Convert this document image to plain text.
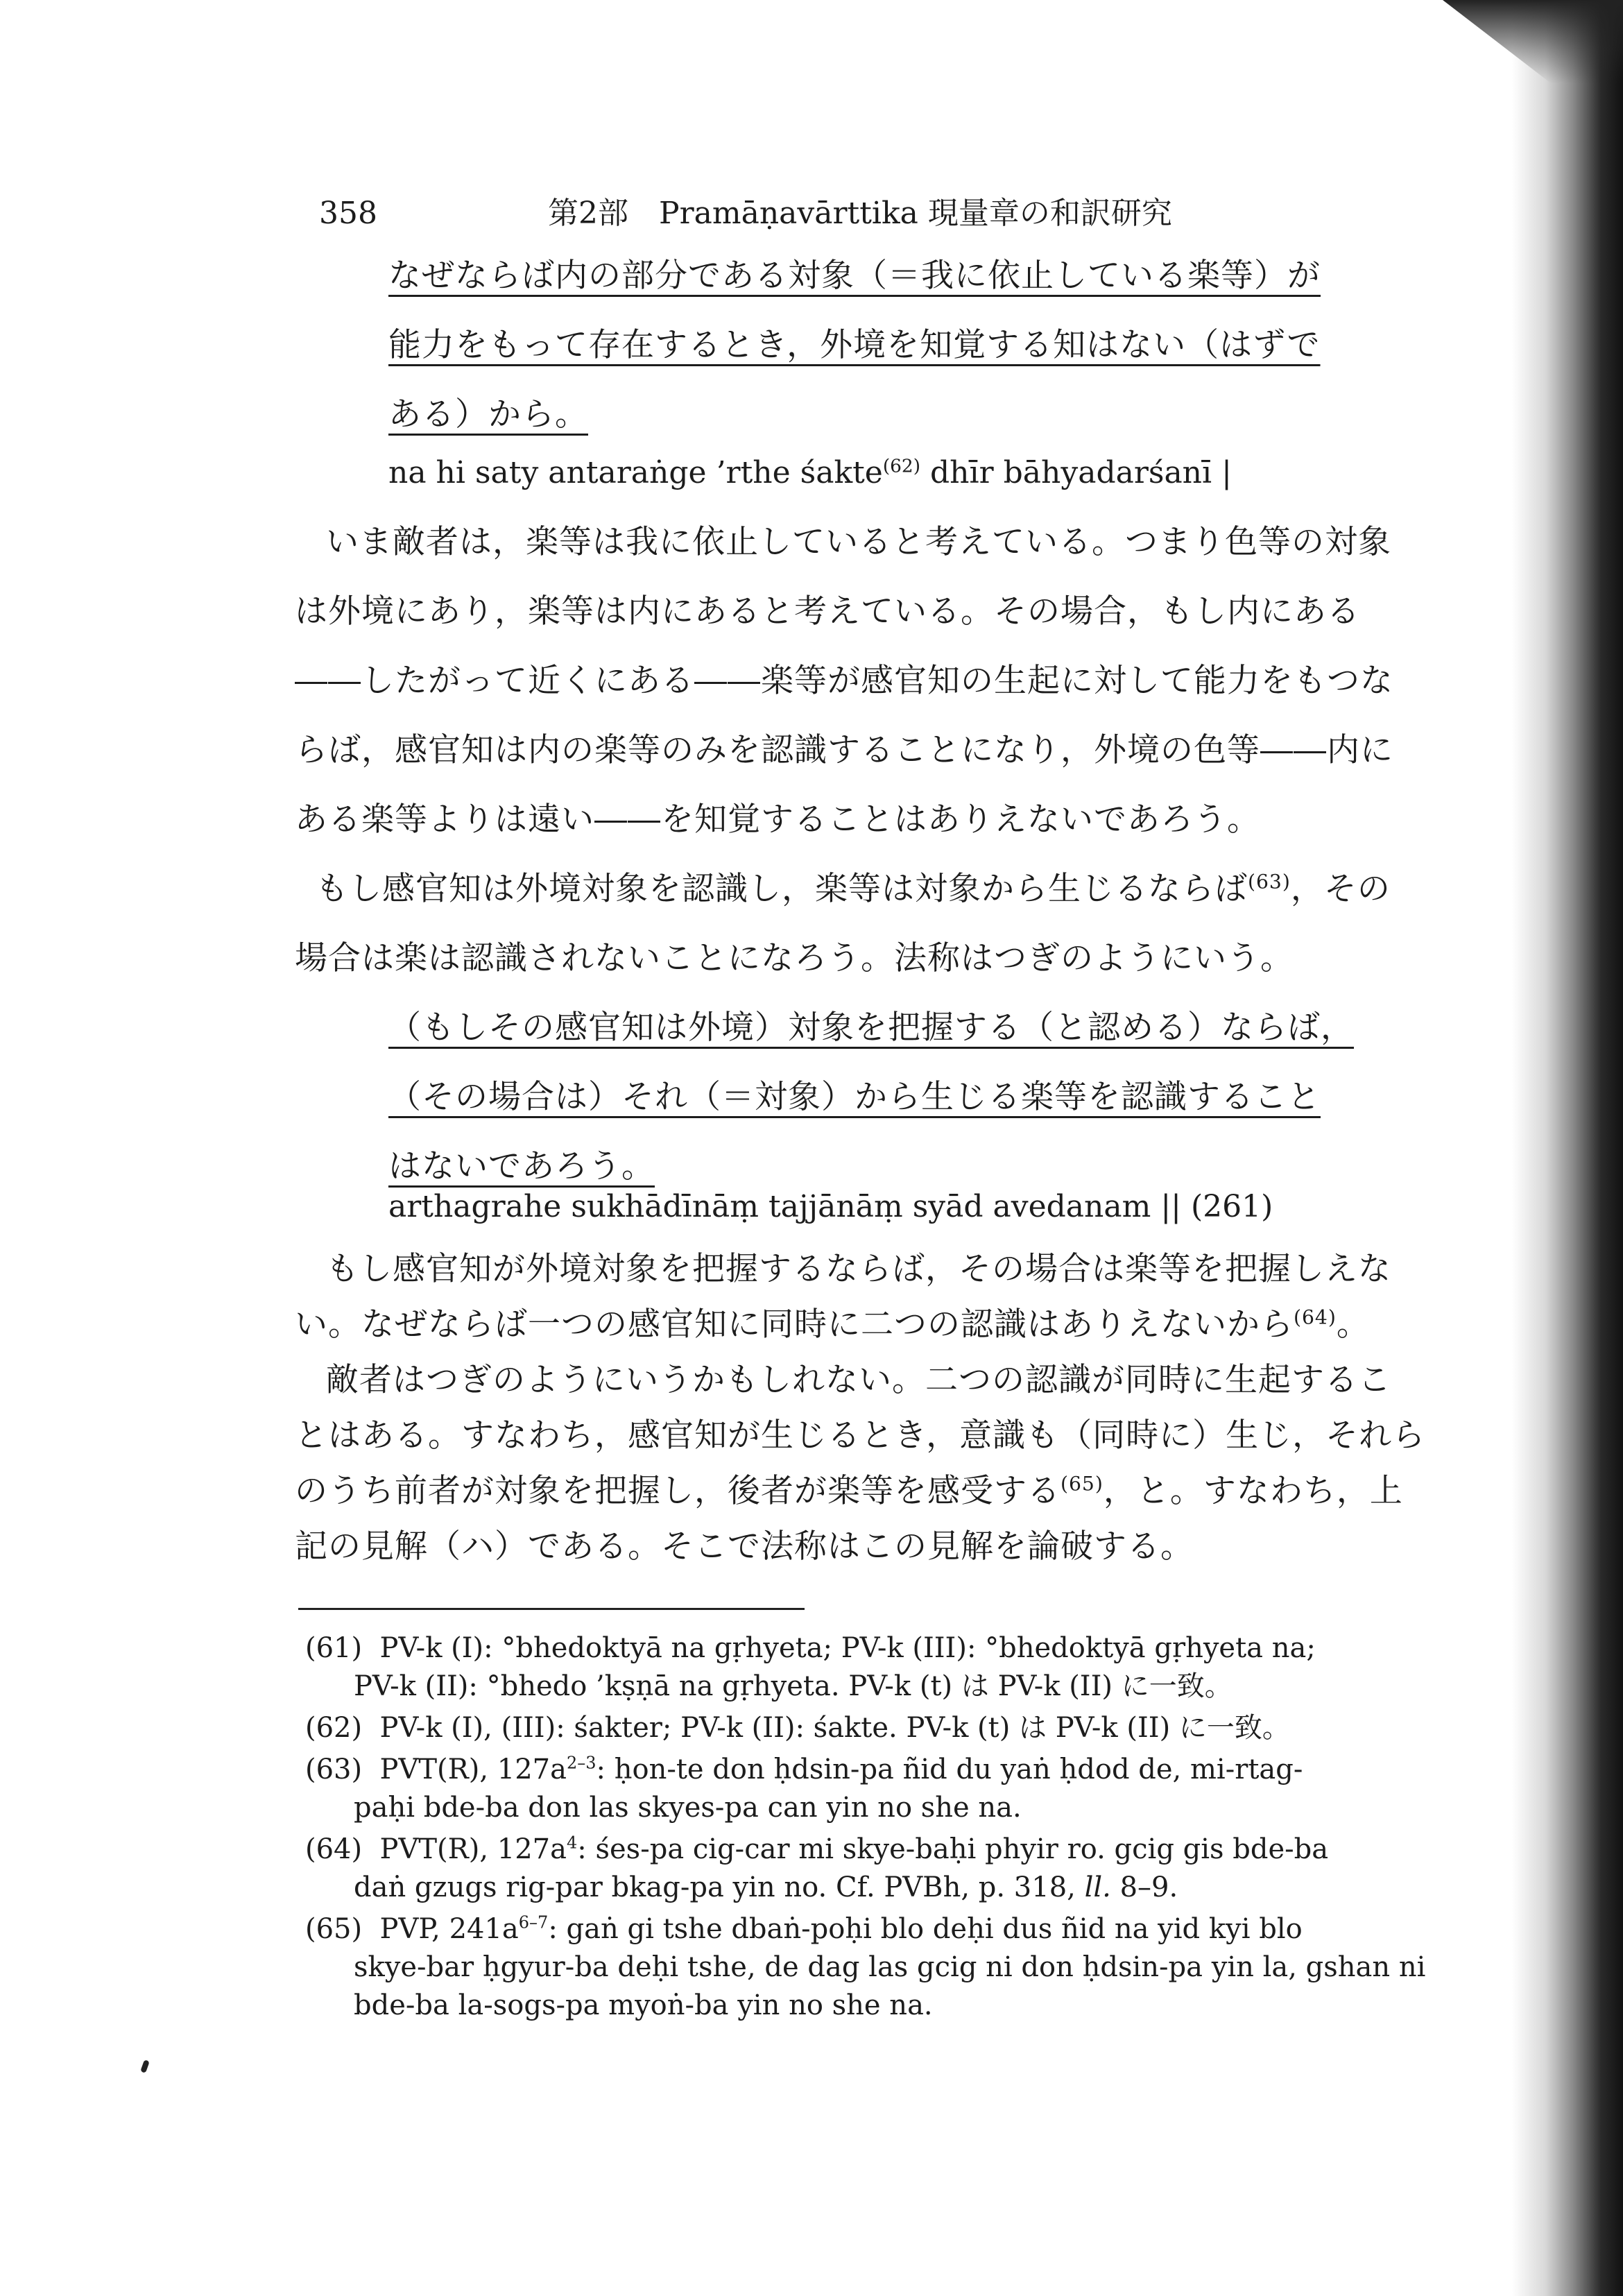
358	第2部　Pramāṇavārttika 現量章の和訳研究
なぜならば内の部分である対象（＝我に依止している楽等）が
能力をもって存在するとき，外境を知覚する知はない（はずで
ある）から。
na hi saty antaraṅge ’rthe śakte$^{(62)}$ dhīr bāhyadarśanī |
いま敵者は，楽等は我に依止していると考えている。つまり色等の対象
は外境にあり，楽等は内にあると考えている。その場合，もし内にある
――したがって近くにある――楽等が感官知の生起に対して能力をもつな
らば，感官知は内の楽等のみを認識することになり，外境の色等――内に
ある楽等よりは遠い――を知覚することはありえないであろう。
もし感官知は外境対象を認識し，楽等は対象から生じるならば$^{(63)}$，その
場合は楽は認識されないことになろう。法称はつぎのようにいう。
（もしその感官知は外境）対象を把握する（と認める）ならば，
（その場合は）それ（＝対象）から生じる楽等を認識すること
はないであろう。
arthagrahe sukhādīnāṃ tajjānāṃ syād avedanam || (261)
もし感官知が外境対象を把握するならば，その場合は楽等を把握しえな
い。なぜならば一つの感官知に同時に二つの認識はありえないから$^{(64)}$。
敵者はつぎのようにいうかもしれない。二つの認識が同時に生起するこ
とはある。すなわち，感官知が生じるとき，意識も（同時に）生じ，それら
のうち前者が対象を把握し，後者が楽等を感受する$^{(65)}$，と。すなわち，上
(61) PV-k (I): °bhedoktyā na gṛhyeta; PV-k (III): °bhedoktyā gṛhyeta na;
PV-k (II): °bhedo ’kṣṇā na gṛhyeta. PV-k (t) は PV-k (II) に一致。
(62) PV-k (I), (III): śakter; PV-k (II): śakte. PV-k (t) は PV-k (II) に一致。
(63) PVT(R), $127a^{2-3}$: ḥon-te don ḥdsin-pa ñid du yaṅ ḥdod de, mi-rtag-
paḥi bde-ba don las skyes-pa can yin no she na.
(64) PVT(R), $127a^4$: śes-pa cig-car mi skye-baḥi phyir ro. gcig gis bde-ba
daṅ gzugs rig-par bkag-pa yin no. Cf. PVBh, p. 318, ll. 8–9.
(65) PVP, $241a^{6-7}$: gaṅ gi tshe dbaṅ-poḥi blo deḥi dus ñid na yid kyi blo
skye-bar ḥgyur-ba deḥi tshe, de dag las gcig ni don ḥdsin-pa yin la, gshan ni
bde-ba la-sogs-pa myoṅ-ba yin no she na.
記の見解（ハ）である。そこで法称はこの見解を論破する。
